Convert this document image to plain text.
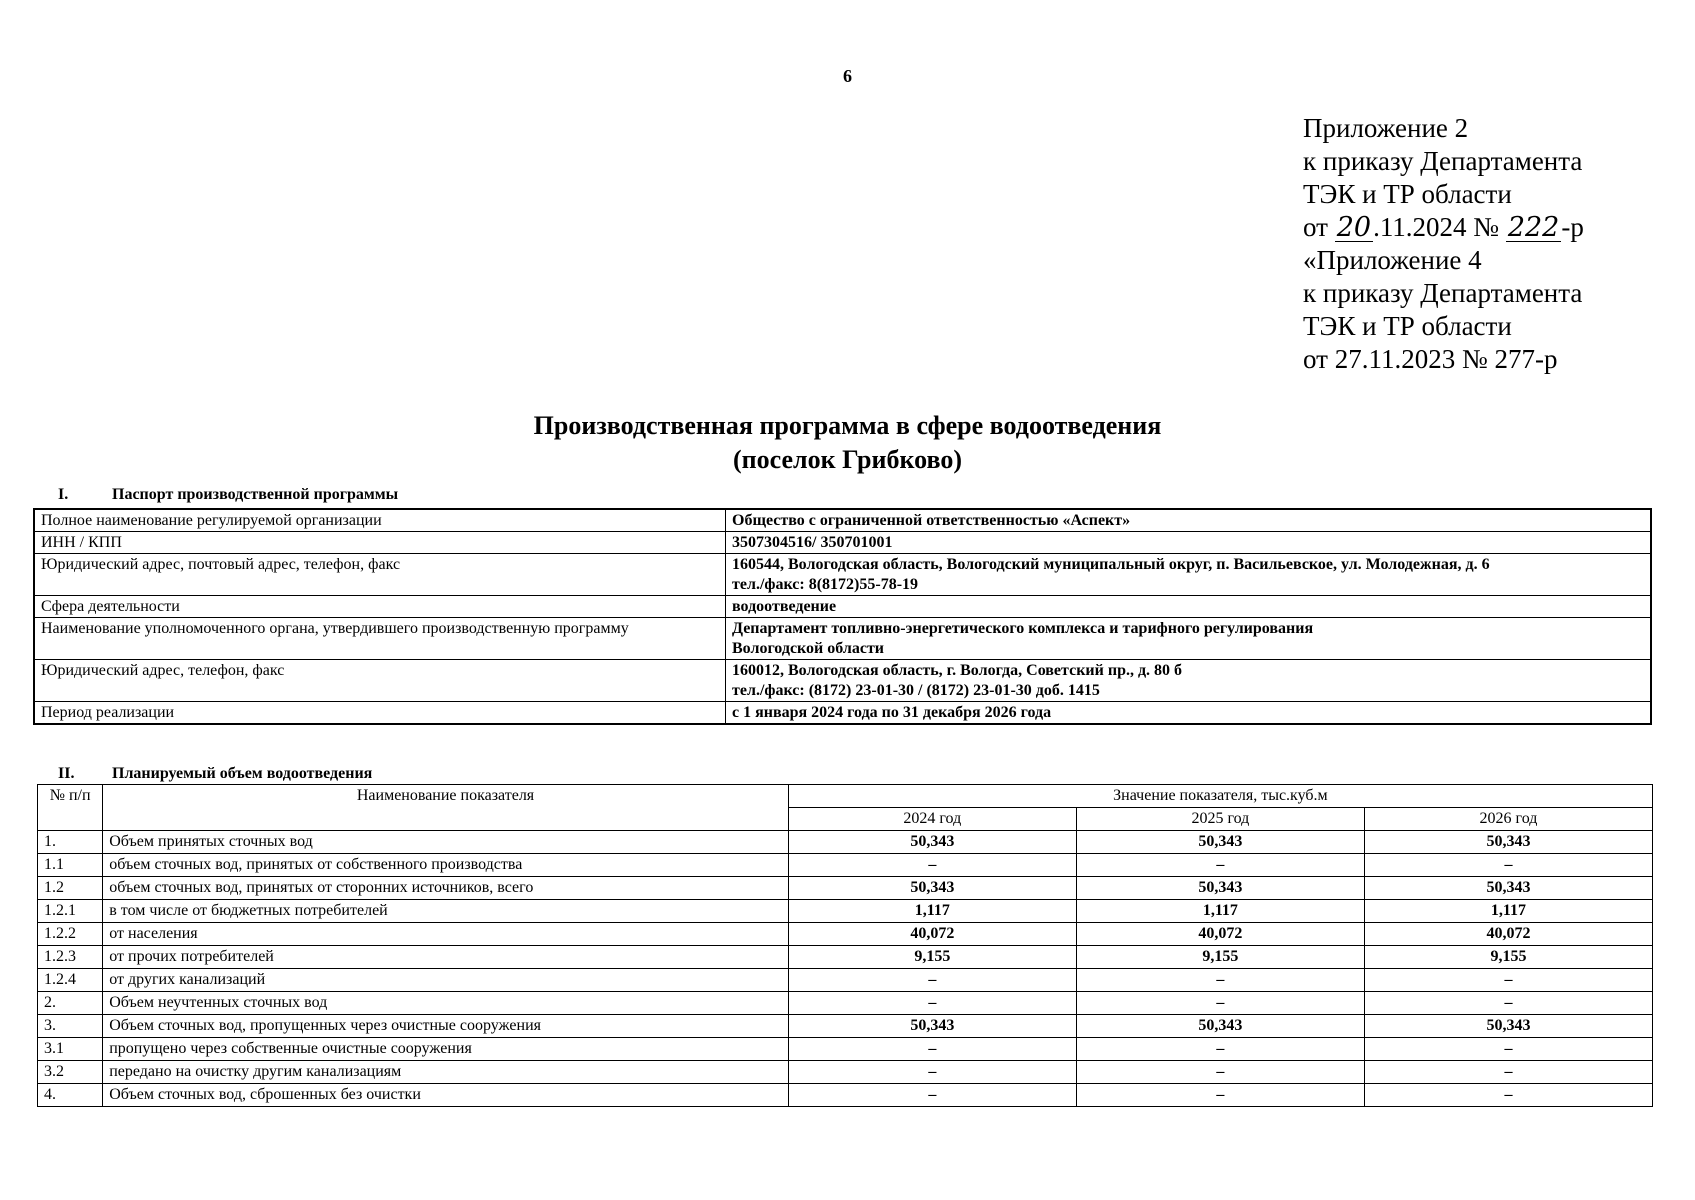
6
Приложение 2
к приказу Департамента
ТЭК и ТР области
от 20.11.2024 № 222-р
«Приложение 4
к приказу Департамента
ТЭК и ТР области
от 27.11.2023 № 277-р
Производственная программа в сфере водоотведения
(поселок Грибково)
I.	Паспорт производственной программы
Полное наименование регулируемой организации	Общество с ограниченной ответственностью «Аспект»

ИНН / КПП	3507304516/ 350701001

Юридический адрес, почтовый адрес, телефон, факс	160544, Вологодская область, Вологодский муниципальный округ, п. Васильевское, ул. Молодежная, д. 6
тел./факс: 8(8172)55-78-19

Сфера деятельности	водоотведение

Наименование уполномоченного органа, утвердившего производственную программу	Департамент топливно-энергетического комплекса и тарифного регулирования
Вологодской области

Юридический адрес, телефон, факс	160012, Вологодская область, г. Вологда, Советский пр., д. 80 б
тел./факс: (8172) 23-01-30 / (8172) 23-01-30 доб. 1415

Период реализации	с 1 января 2024 года по 31 декабря 2026 года
II. Планируемый объем водоотведения
№ п/п	Наименование показателя	Значение показателя, тыс.куб.м		
		2024 год	2025 год	2026 год
1.	Объем принятых сточных вод	50,343	50,343	50,343
1.1	объем сточных вод, принятых от собственного производства	–	–	–
1.2	объем сточных вод, принятых от сторонних источников, всего	50,343	50,343	50,343
1.2.1	в том числе от бюджетных потребителей	1,117	1,117	1,117
1.2.2	от населения	40,072	40,072	40,072
1.2.3	от прочих потребителей	9,155	9,155	9,155
1.2.4	от других канализаций	–	–	–
2.	Объем неучтенных сточных вод	–	–	–
3.	Объем сточных вод, пропущенных через очистные сооружения	50,343	50,343	50,343
3.1	пропущено через собственные очистные сооружения	–	–	–
3.2	передано на очистку другим канализациям	–	–	–
4.	Объем сточных вод, сброшенных без очистки	–	–	–
